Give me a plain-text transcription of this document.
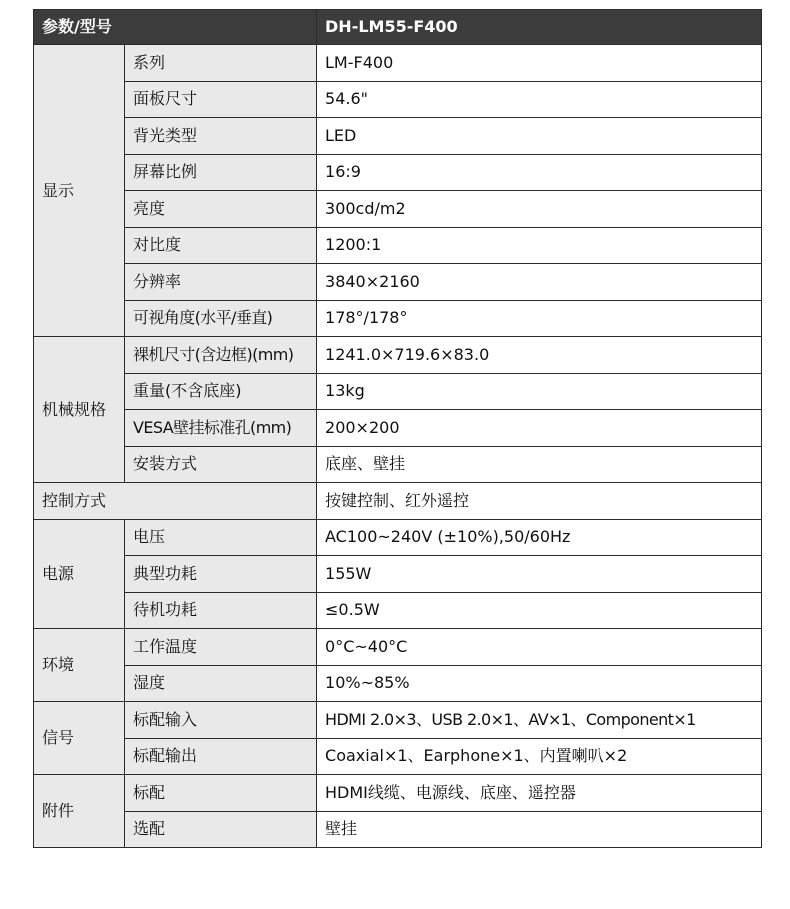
参数/型号		DH-LM55-F400
显示	系列	LM-F400
	面板尺寸	54.6"
	背光类型	LED
	屏幕比例	16:9
	亮度	300cd/m2
	对比度	1200:1
	分辨率	3840×2160
	可视角度(水平/垂直)	178°/178°
机械规格	裸机尺寸(含边框)(mm)	1241.0×719.6×83.0
	重量(不含底座)	13kg
	VESA壁挂标准孔(mm)	200×200
	安装方式	底座、壁挂
控制方式		按键控制、红外遥控
电源	电压	AC100~240V (±10%),50/60Hz
	典型功耗	155W
	待机功耗	≤0.5W
环境	工作温度	0°C~40°C
	湿度	10%~85%
信号	标配输入	HDMI 2.0×3、USB 2.0×1、AV×1、Component×1
	标配输出	Coaxial×1、Earphone×1、内置喇叭×2
附件	标配	HDMI线缆、电源线、底座、遥控器
	选配	壁挂
